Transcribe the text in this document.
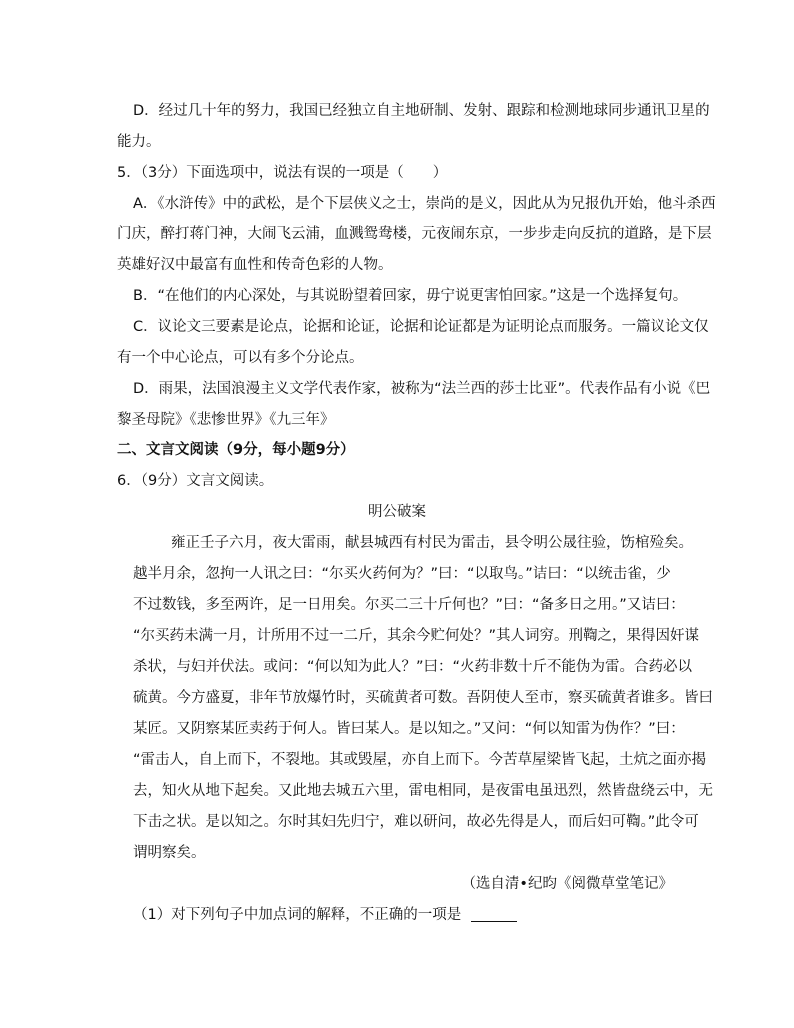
D．经过几十年的努力，我国已经独立自主地研制、发射、跟踪和检测地球同步通讯卫星的
能力。
5．（3分）下面选项中，说法有误的一项是（　　）
A．《水浒传》中的武松，是个下层侠义之士，崇尚的是义，因此从为兄报仇开始，他斗杀西
门庆，醉打蒋门神，大闹飞云浦，血溅鸳鸯楼，元夜闹东京，一步步走向反抗的道路，是下层
英雄好汉中最富有血性和传奇色彩的人物。
B．“在他们的内心深处，与其说盼望着回家，毋宁说更害怕回家。”这是一个选择复句。
C．议论文三要素是论点，论据和论证，论据和论证都是为证明论点而服务。一篇议论文仅
有一个中心论点，可以有多个分论点。
D．雨果，法国浪漫主义文学代表作家，被称为“法兰西的莎士比亚”。代表作品有小说《巴
黎圣母院》《悲惨世界》《九三年》
二、文言文阅读（9分，每小题9分）
6．（9分）文言文阅读。
明公破案
雍正壬子六月，夜大雷雨，献县城西有村民为雷击，县令明公晟往验，饬棺殓矣。
越半月余，忽拘一人讯之曰：“尔买火药何为？”曰：“以取鸟。”诘曰：“以统击雀，少
不过数钱，多至两许，足一日用矣。尔买二三十斤何也？”曰：“备多日之用。”又诘曰：
“尔买药未满一月，计所用不过一二斤，其余今贮何处？”其人词穷。刑鞫之，果得因奸谋
杀状，与妇并伏法。或问：“何以知为此人？”曰：“火药非数十斤不能伪为雷。合药必以
硫黄。今方盛夏，非年节放爆竹时，买硫黄者可数。吾阴使人至市，察买硫黄者谁多。皆曰
某匠。又阴察某匠卖药于何人。皆曰某人。是以知之。”又问：“何以知雷为伪作？”曰：
“雷击人，自上而下，不裂地。其或毁屋，亦自上而下。今苦草屋梁皆飞起，土炕之面亦揭
去，知火从地下起矣。又此地去城五六里，雷电相同，是夜雷电虽迅烈，然皆盘绕云中，无
下击之状。是以知之。尔时其妇先归宁，难以研问，故必先得是人，而后妇可鞫。”此令可
谓明察矣。
（选自清•纪昀《阅微草堂笔记》
（1）对下列句子中加点词的解释，不正确的一项是
